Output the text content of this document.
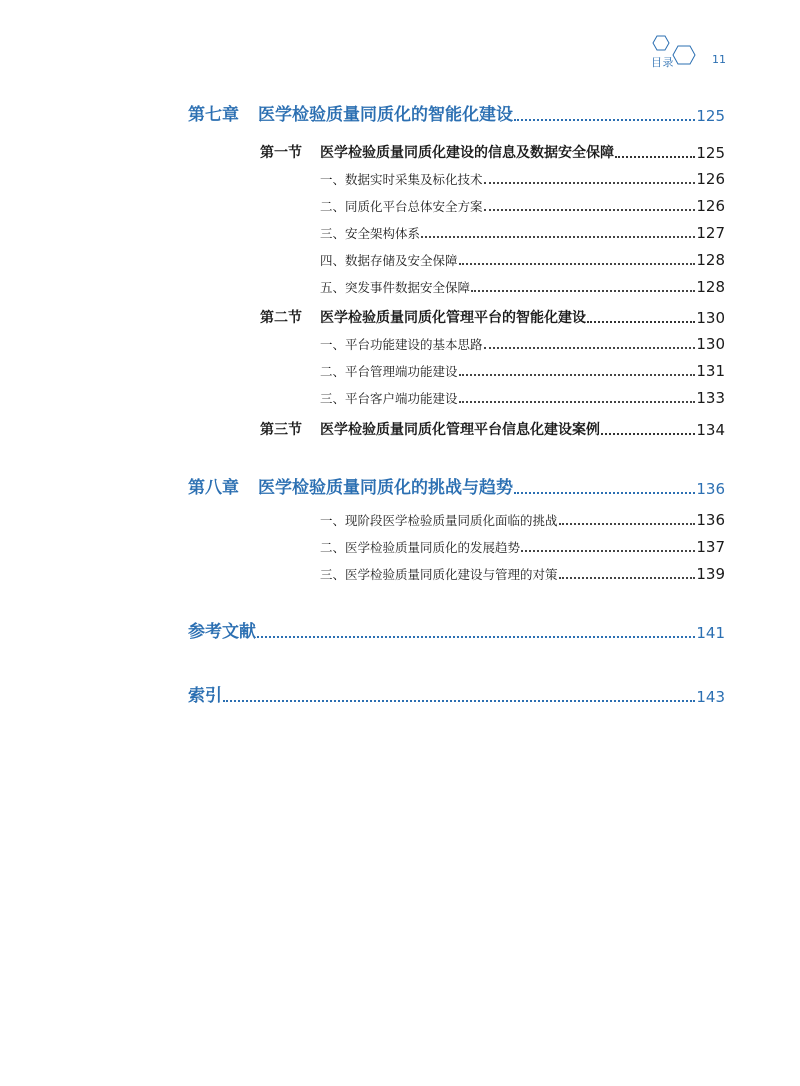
目录	11
第七章 医学检验质量同质化的智能化建设	125
第一节 医学检验质量同质化建设的信息及数据安全保障	125
一、数据实时采集及标化技术	126
二、同质化平台总体安全方案	126
三、安全架构体系	127
四、数据存储及安全保障	128
五、突发事件数据安全保障	128
第二节 医学检验质量同质化管理平台的智能化建设	130
一、平台功能建设的基本思路	130
二、平台管理端功能建设	131
三、平台客户端功能建设	133
第三节 医学检验质量同质化管理平台信息化建设案例	134
第八章 医学检验质量同质化的挑战与趋势	136
一、现阶段医学检验质量同质化面临的挑战	136
二、医学检验质量同质化的发展趋势	137
三、医学检验质量同质化建设与管理的对策	139
参考文献	141
索引	143
